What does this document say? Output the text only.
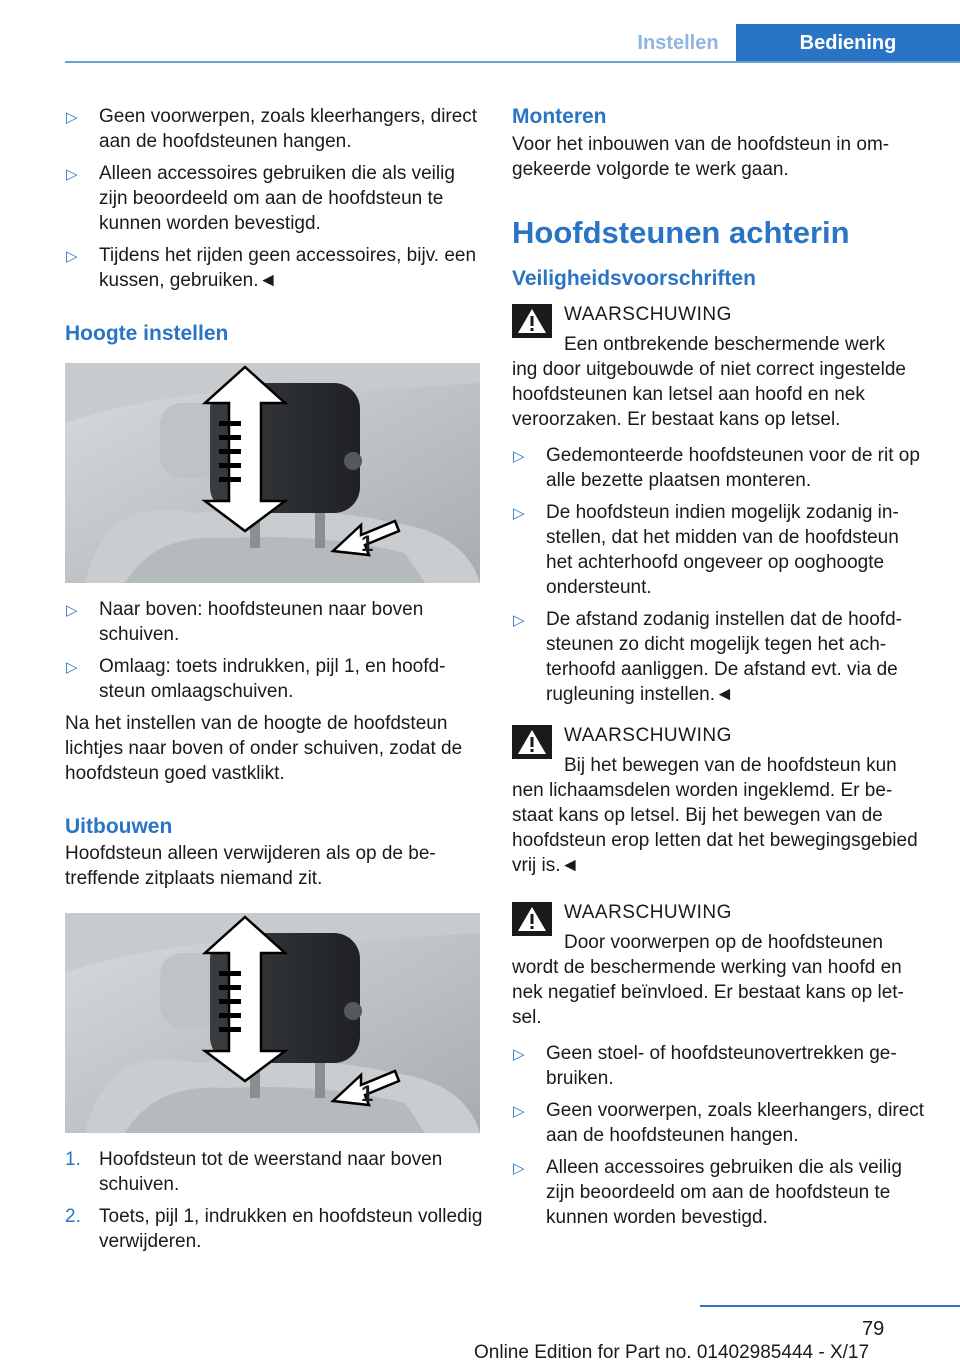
Instellen	Bediening
▷ Geen voorwerpen, zoals kleerhangers, direct aan de hoofdsteunen hangen.
▷ Alleen accessoires gebruiken die als veilig zijn beoordeeld om aan de hoofdsteun te kunnen worden bevestigd.
▷ Tijdens het rijden geen accessoires, bijv. een kussen, gebruiken.◄
Hoogte instellen
1
▷ Naar boven: hoofdsteunen naar boven schuiven.
▷ Omlaag: toets indrukken, pijl 1, en hoofdsteun omlaagschuiven.

Na het instellen van de hoogte de hoofdsteun lichtjes naar boven of onder schuiven, zodat de hoofdsteun goed vastklikt.

Uitbouwen

Hoofdsteun alleen verwijderen als op de betreffende zitplaats niemand zit.

1
1. Hoofdsteun tot de weerstand naar boven schuiven.
2. Toets, pijl 1, indrukken en hoofdsteun volledig verwijderen.
Monteren

Voor het inbouwen van de hoofdsteun in omgekeerde volgorde te werk gaan.

Hoofdsteunen achterin
Veiligheidsvoorschriften
WAARSCHUWING
Een ontbrekende beschermende werk

ing door uitgebouwde of niet correct ingestelde hoofdsteunen kan letsel aan hoofd en nek veroorzaken. Er bestaat kans op letsel.

▷ Gedemonteerde hoofdsteunen voor de rit op alle bezette plaatsen monteren.
▷ De hoofdsteun indien mogelijk zodanig instellen, dat het midden van de hoofdsteun het achterhoofd ongeveer op ooghoogte ondersteunt.
▷ De afstand zodanig instellen dat de hoofdsteunen zo dicht mogelijk tegen het achterhoofd aanliggen. De afstand evt. via de rugleuning instellen.◄
WAARSCHUWING
Bij het bewegen van de hoofdsteun kun

nen lichaamsdelen worden ingeklemd. Er bestaat kans op letsel. Bij het bewegen van de hoofdsteun erop letten dat het bewegingsgebied vrij is.◄

WAARSCHUWING
Door voorwerpen op de hoofdsteunen

wordt de beschermende werking van hoofd en nek negatief beïnvloed. Er bestaat kans op letsel.

▷ Geen stoel- of hoofdsteunovertrekken gebruiken.
▷ Geen voorwerpen, zoals kleerhangers, direct aan de hoofdsteunen hangen.
▷ Alleen accessoires gebruiken die als veilig zijn beoordeeld om aan de hoofdsteun te kunnen worden bevestigd.
79
Online Edition for Part no. 01402985444 - X/17
